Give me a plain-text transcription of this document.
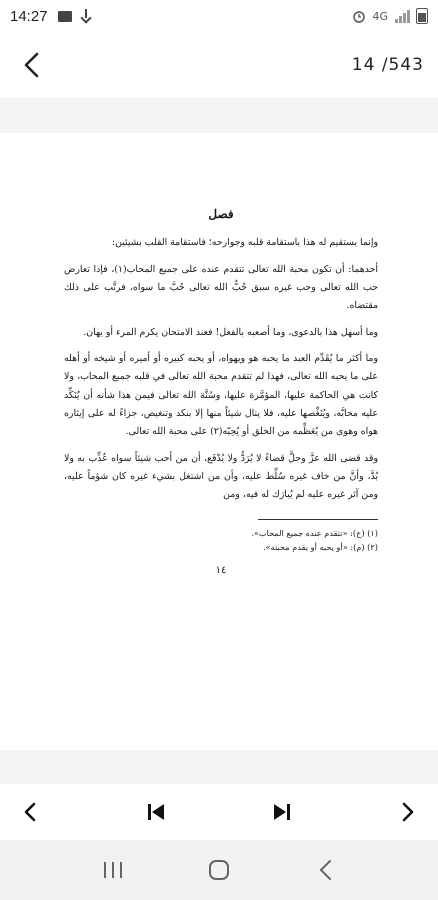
14:27	4G
14 /543
فصل

وإنما يستقيم له هذا باستقامة قلبه وجوارحه؛ فاستقامة القلب بشيئين:

أحدهما: أن تكون محبة الله تعالى تتقدم عنده على جميع المحاب(١)، فإذا تعارض حب الله تعالى وحب غيره سبق حُبُّ الله تعالى حُبَّ ما سواه، فرتَّب على ذلك مقتضاه.

وما أسهل هذا بالدعوى، وما أصعبه بالفعل! فعند الامتحان يكرم المرء أو يهان.

وما أكثر ما يُقَدِّم العبد ما يحبه هو ويهواه، أو يحبه كبيره أو أميره أو شيخه أو أهله على ما يحبه الله تعالى، فهذا لم تتقدم محبة الله تعالى في قلبه جميع المحاب، ولا كانت هي الحاكمة عليها، المؤمَّرة عليها، وسُنَّة الله تعالى فيمن هذا شأنه أن يُنَكِّد عليه محابَّه، ويُنَغِّصها عليه، فلا ينال شيئاً منها إلا بنكد وتنغيص، جزاءً له على إيثاره هواه وهوى من يُعَظِّمه من الخلق أو يُحِبّه(٢) على محبة الله تعالى.

وقد قضى الله عزَّ وجلَّ قضاءً لا يُرَدُّ ولا يُدْفَع، أن من أحب شيئاً سواه عُذِّب به ولا بُدَّ، وأنَّ من خاف غيره سُلِّط عليه، وأن من اشتغل بشيء غيره كان شؤماً عليه، ومن آثر غيره عليه لم يُبارَك له فيه، ومن

(١) (خ): «تتقدم عنده جميع المحاب».
(٢) (م): «أو يحبه أو يقدم محبته».
١٤
